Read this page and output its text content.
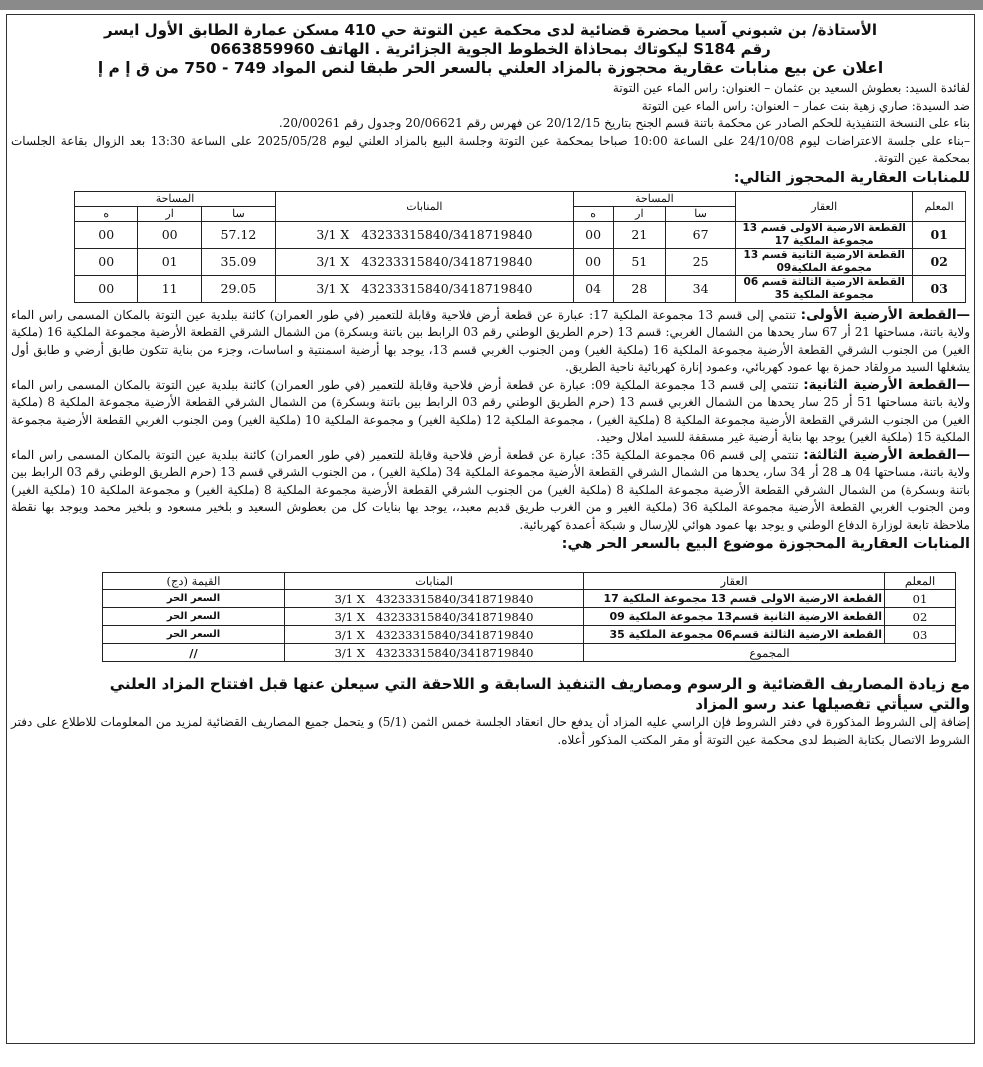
الأستاذة/ بن شبوني آسيا محضرة قضائية لدى محكمة عين التوتة حي 410 مسكن عمارة الطابق الأول ايسر
رقم S184 ليكوتاك بمحاذاة الخطوط الجوية الجزائرية . الهاتف 0663859960
اعلان عن بيع منابات عقارية محجوزة بالمزاد العلني بالسعر الحر طبقا لنص المواد 749 - 750 من ق إ م إ
لفائدة السيد: بعطوش السعيد بن عثمان – العنوان: راس الماء عين التوتة
ضد السيدة: صاري زهية بنت عمار – العنوان: راس الماء عين التوتة
بناء على النسخة التنفيذية للحكم الصادر عن محكمة باتنة قسم الجنح بتاريخ 20/12/15 عن فهرس رقم 20/06621 وجدول رقم 20/00261.
–بناء على جلسة الاعتراضات ليوم 24/10/08 على الساعة 10:00 صباحا بمحكمة عين التوتة وجلسة البيع بالمزاد العلني ليوم 2025/05/28 على الساعة 13:30 بعد الزوال بقاعة الجلسات بمحكمة عين التوتة.
للمنابات العقارية المحجوز التالي:
المعلم	العقار	المساحة			المنابات	المساحة		
		سا	ار	ه		سا	ار	ه
01	القطعة الارضية الاولى قسم 13 مجموعة الملكية 17	67	21	00	3/1 X   43233315840/3418719840	57.12	00	00
02	القطعة الارضية الثانية قسم 13 مجموعة الملكية09	25	51	00	3/1 X   43233315840/3418719840	35.09	01	00
03	القطعة الارضية الثالثة قسم 06 مجموعة الملكية 35	34	28	04	3/1 X   43233315840/3418719840	29.05	11	00
—القطعة الأرضية الأولى: تنتمي إلى قسم 13 مجموعة الملكية 17: عبارة عن قطعة أرض فلاحية وقابلة للتعمير (في طور العمران) كائنة ببلدية عين التوتة بالمكان المسمى راس الماء ولاية باتنة، مساحتها 21 أر 67 سار يحدها من الشمال الغربي: قسم 13 (حرم الطريق الوطني رقم 03 الرابط بين باتنة وبسكرة) من الشمال الشرقي القطعة الأرضية مجموعة الملكية 16 (ملكية الغير) من الجنوب الشرقي القطعة الأرضية مجموعة الملكية 16 (ملكية الغير) ومن الجنوب الغربي قسم 13، يوجد بها أرضية اسمنتية و اساسات، وجزء من بناية تتكون طابق أرضي و طابق أول يشغلها السيد مرولقاد حمزة بها عمود كهربائي، وعمود إنارة كهربائية ناحية الطريق.
—القطعة الأرضية الثانية: تنتمي إلى قسم 13 مجموعة الملكية 09: عبارة عن قطعة أرض فلاحية وقابلة للتعمير (في طور العمران) كائنة ببلدية عين التوتة بالمكان المسمى راس الماء ولاية باتنة مساحتها 51 أر 25 سار يحدها من الشمال الغربي قسم 13 (حرم الطريق الوطني رقم 03 الرابط بين باتنة وبسكرة) من الشمال الشرقي القطعة الأرضية مجموعة الملكية 8 (ملكية الغير) من الجنوب الشرقي القطعة الأرضية مجموعة الملكية 8 (ملكية الغير) ، مجموعة الملكية 12 (ملكية الغير) و مجموعة الملكية 10 (ملكية الغير) ومن الجنوب الغربي القطعة الأرضية مجموعة الملكية 15 (ملكية الغير) يوجد بها بناية أرضية غير مسقفة للسيد املال وحيد.
—القطعة الأرضية الثالثة: تنتمي إلى قسم 06 مجموعة الملكية 35: عبارة عن قطعة أرض فلاحية وقابلة للتعمير (في طور العمران) كائنة ببلدية عين التوتة بالمكان المسمى راس الماء ولاية باتنة، مساحتها 04 هـ 28 أر 34 سار، يحدها من الشمال الشرقي القطعة الأرضية مجموعة الملكية 34 (ملكية الغير) ، من الجنوب الشرقي قسم 13 (حرم الطريق الوطني رقم 03 الرابط بين باتنة وبسكرة) من الشمال الشرقي القطعة الأرضية مجموعة الملكية 8 (ملكية الغير) من الجنوب الشرقي القطعة الأرضية مجموعة الملكية 8 (ملكية الغير) و مجموعة الملكية 10 (ملكية الغير) ومن الجنوب الغربي القطعة الأرضية مجموعة الملكية 36 (ملكية الغير و من الغرب طريق قديم معبد،، يوجد بها بنايات كل من بعطوش السعيد و بلخير مسعود و بلخير محمد ويوجد بها نقطة ملاحظة تابعة لوزارة الدفاع الوطني و يوجد بها عمود هوائي للإرسال و شبكة أعمدة كهربائية.
المنابات العقارية المحجوزة موضوع البيع بالسعر الحر هي:
المعلم	العقار	المنابات	القيمة (دج)
01	القطعة الارضية الاولى قسم 13 مجموعة الملكية 17	3/1 X   43233315840/3418719840	السعر الحر
02	القطعة الارضية الثانية قسم13 مجموعة الملكية 09	3/1 X   43233315840/3418719840	السعر الحر
03	القطعة الارضية الثالثة قسم06 مجموعة الملكية 35	3/1 X   43233315840/3418719840	السعر الحر
المجموع		3/1 X   43233315840/3418719840	//
مع زيادة المصاريف القضائية و الرسوم ومصاريف التنفيذ السابقة و اللاحقة التي سيعلن عنها قبل افتتاح المزاد العلني
والتي سيأتي تفصيلها عند رسو المزاد
إضافة إلى الشروط المذكورة في دفتر الشروط فإن الراسي عليه المزاد أن يدفع حال انعقاد الجلسة خمس الثمن (5/1) و يتحمل جميع المصاريف القضائية لمزيد من المعلومات للاطلاع على دفتر الشروط الاتصال بكتابة الضبط لدى محكمة عين التوتة أو مقر المكتب المذكور أعلاه.
